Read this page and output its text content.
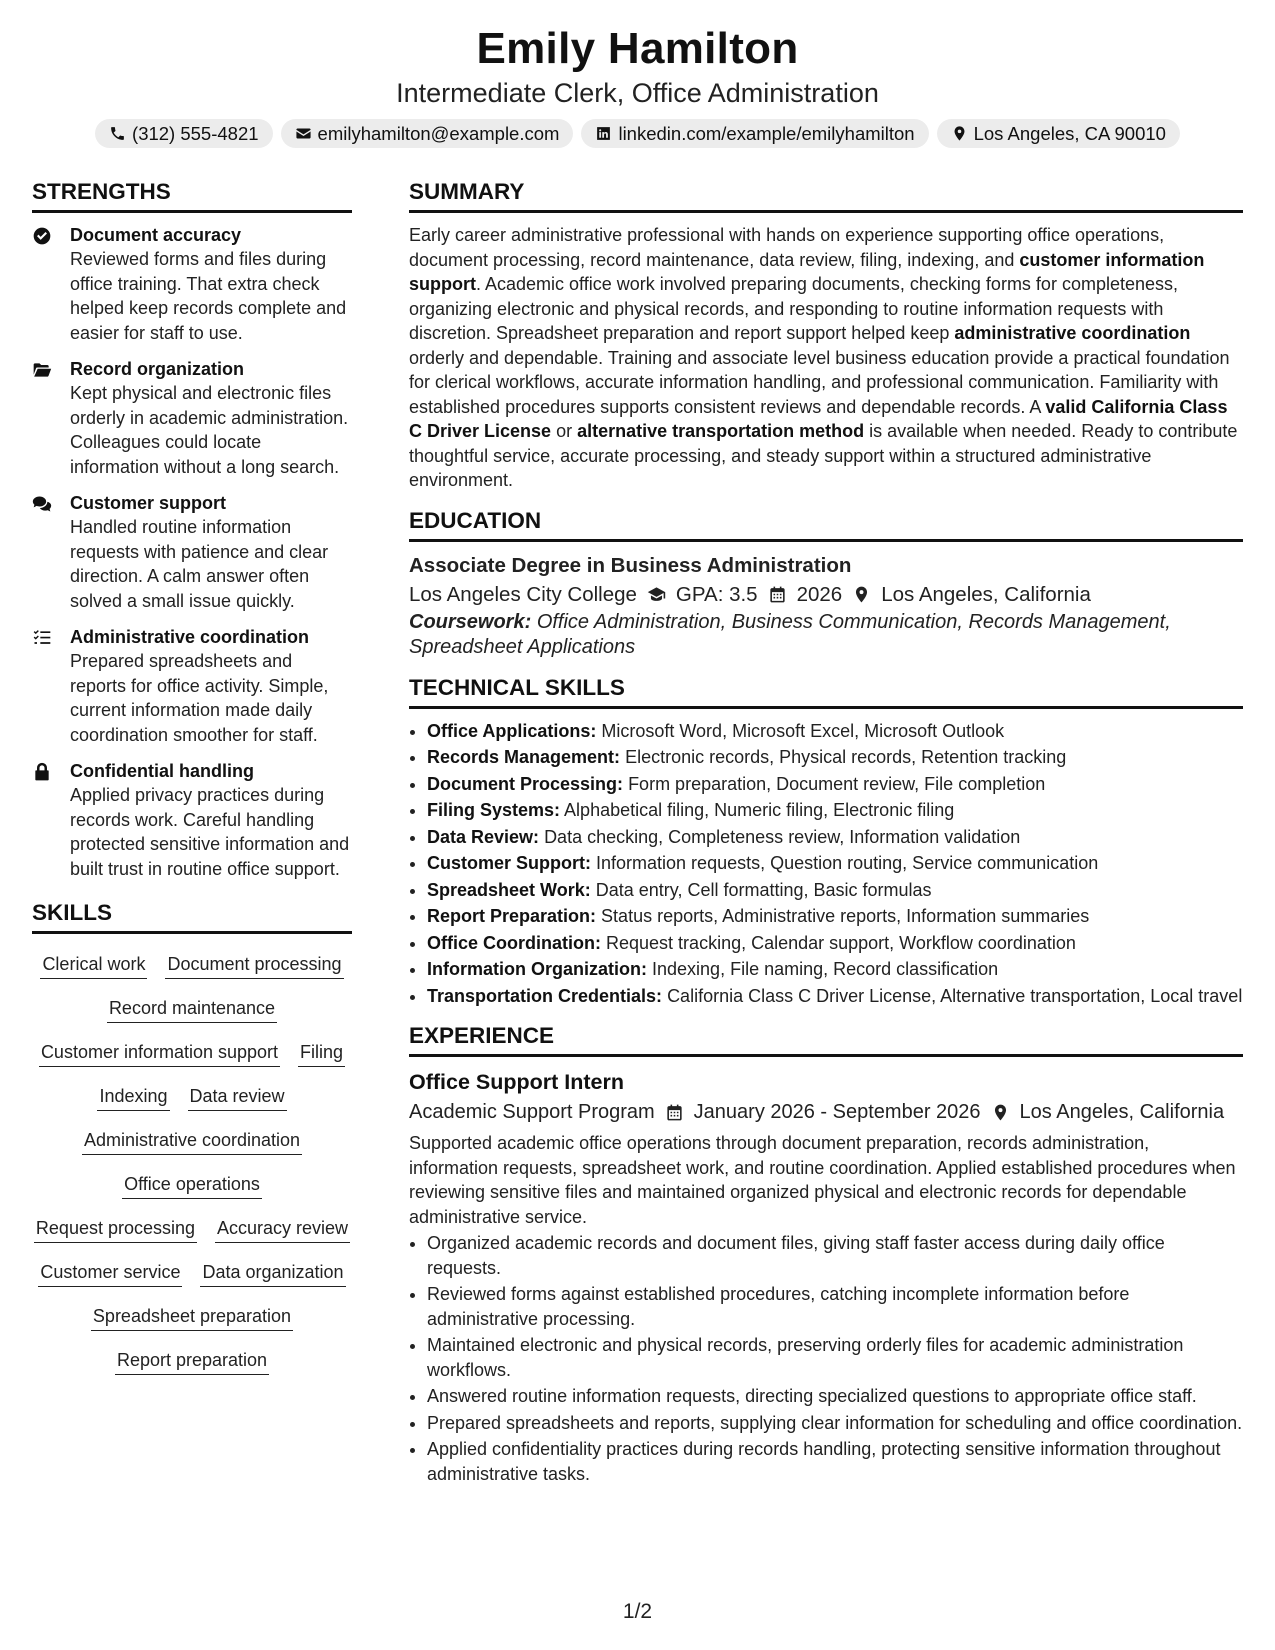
Emily Hamilton
Intermediate Clerk, Office Administration
(312) 555-4821	emilyhamilton@example.com	linkedin.com/example/emilyhamilton	Los Angeles, CA 90010
STRENGTHS
Document accuracy
Reviewed forms and files during office training. That extra check helped keep records complete and easier for staff to use.
Record organization
Kept physical and electronic files orderly in academic administration. Colleagues could locate information without a long search.
Customer support
Handled routine information requests with patience and clear direction. A calm answer often solved a small issue quickly.
Administrative coordination
Prepared spreadsheets and reports for office activity. Simple, current information made daily coordination smoother for staff.
Confidential handling
Applied privacy practices during records work. Careful handling protected sensitive information and built trust in routine office support.
SKILLS
Clerical work Document processing
Record maintenance
Customer information support Filing
Indexing Data review
Administrative coordination
Office operations
Request processing Accuracy review
Customer service Data organization
Spreadsheet preparation
Report preparation
SUMMARY

Early career administrative professional with hands on experience supporting office operations, document processing, record maintenance, data review, filing, indexing, and customer information support. Academic office work involved preparing documents, checking forms for completeness, organizing electronic and physical records, and responding to routine information requests with discretion. Spreadsheet preparation and report support helped keep administrative coordination orderly and dependable. Training and associate level business education provide a practical foundation for clerical workflows, accurate information handling, and professional communication. Familiarity with established procedures supports consistent reviews and dependable records. A valid California Class C Driver License or alternative transportation method is available when needed. Ready to contribute thoughtful service, accurate processing, and steady support within a structured administrative environment.

EDUCATION
Associate Degree in Business Administration
Los Angeles City College GPA: 3.5 2026 Los Angeles, California
Coursework: Office Administration, Business Communication, Records Management, Spreadsheet Applications
TECHNICAL SKILLS
• Office Applications: Microsoft Word, Microsoft Excel, Microsoft Outlook
• Records Management: Electronic records, Physical records, Retention tracking
• Document Processing: Form preparation, Document review, File completion
• Filing Systems: Alphabetical filing, Numeric filing, Electronic filing
• Data Review: Data checking, Completeness review, Information validation
• Customer Support: Information requests, Question routing, Service communication
• Spreadsheet Work: Data entry, Cell formatting, Basic formulas
• Report Preparation: Status reports, Administrative reports, Information summaries
• Office Coordination: Request tracking, Calendar support, Workflow coordination
• Information Organization: Indexing, File naming, Record classification
• Transportation Credentials: California Class C Driver License, Alternative transportation, Local travel
EXPERIENCE
Office Support Intern
Academic Support Program January 2026 - September 2026 Los Angeles, California

Supported academic office operations through document preparation, records administration, information requests, spreadsheet work, and routine coordination. Applied established procedures when reviewing sensitive files and maintained organized physical and electronic records for dependable administrative service.

• Organized academic records and document files, giving staff faster access during daily office requests.
• Reviewed forms against established procedures, catching incomplete information before administrative processing.
• Maintained electronic and physical records, preserving orderly files for academic administration workflows.
• Answered routine information requests, directing specialized questions to appropriate office staff.
• Prepared spreadsheets and reports, supplying clear information for scheduling and office coordination.
• Applied confidentiality practices during records handling, protecting sensitive information throughout administrative tasks.
1/2
